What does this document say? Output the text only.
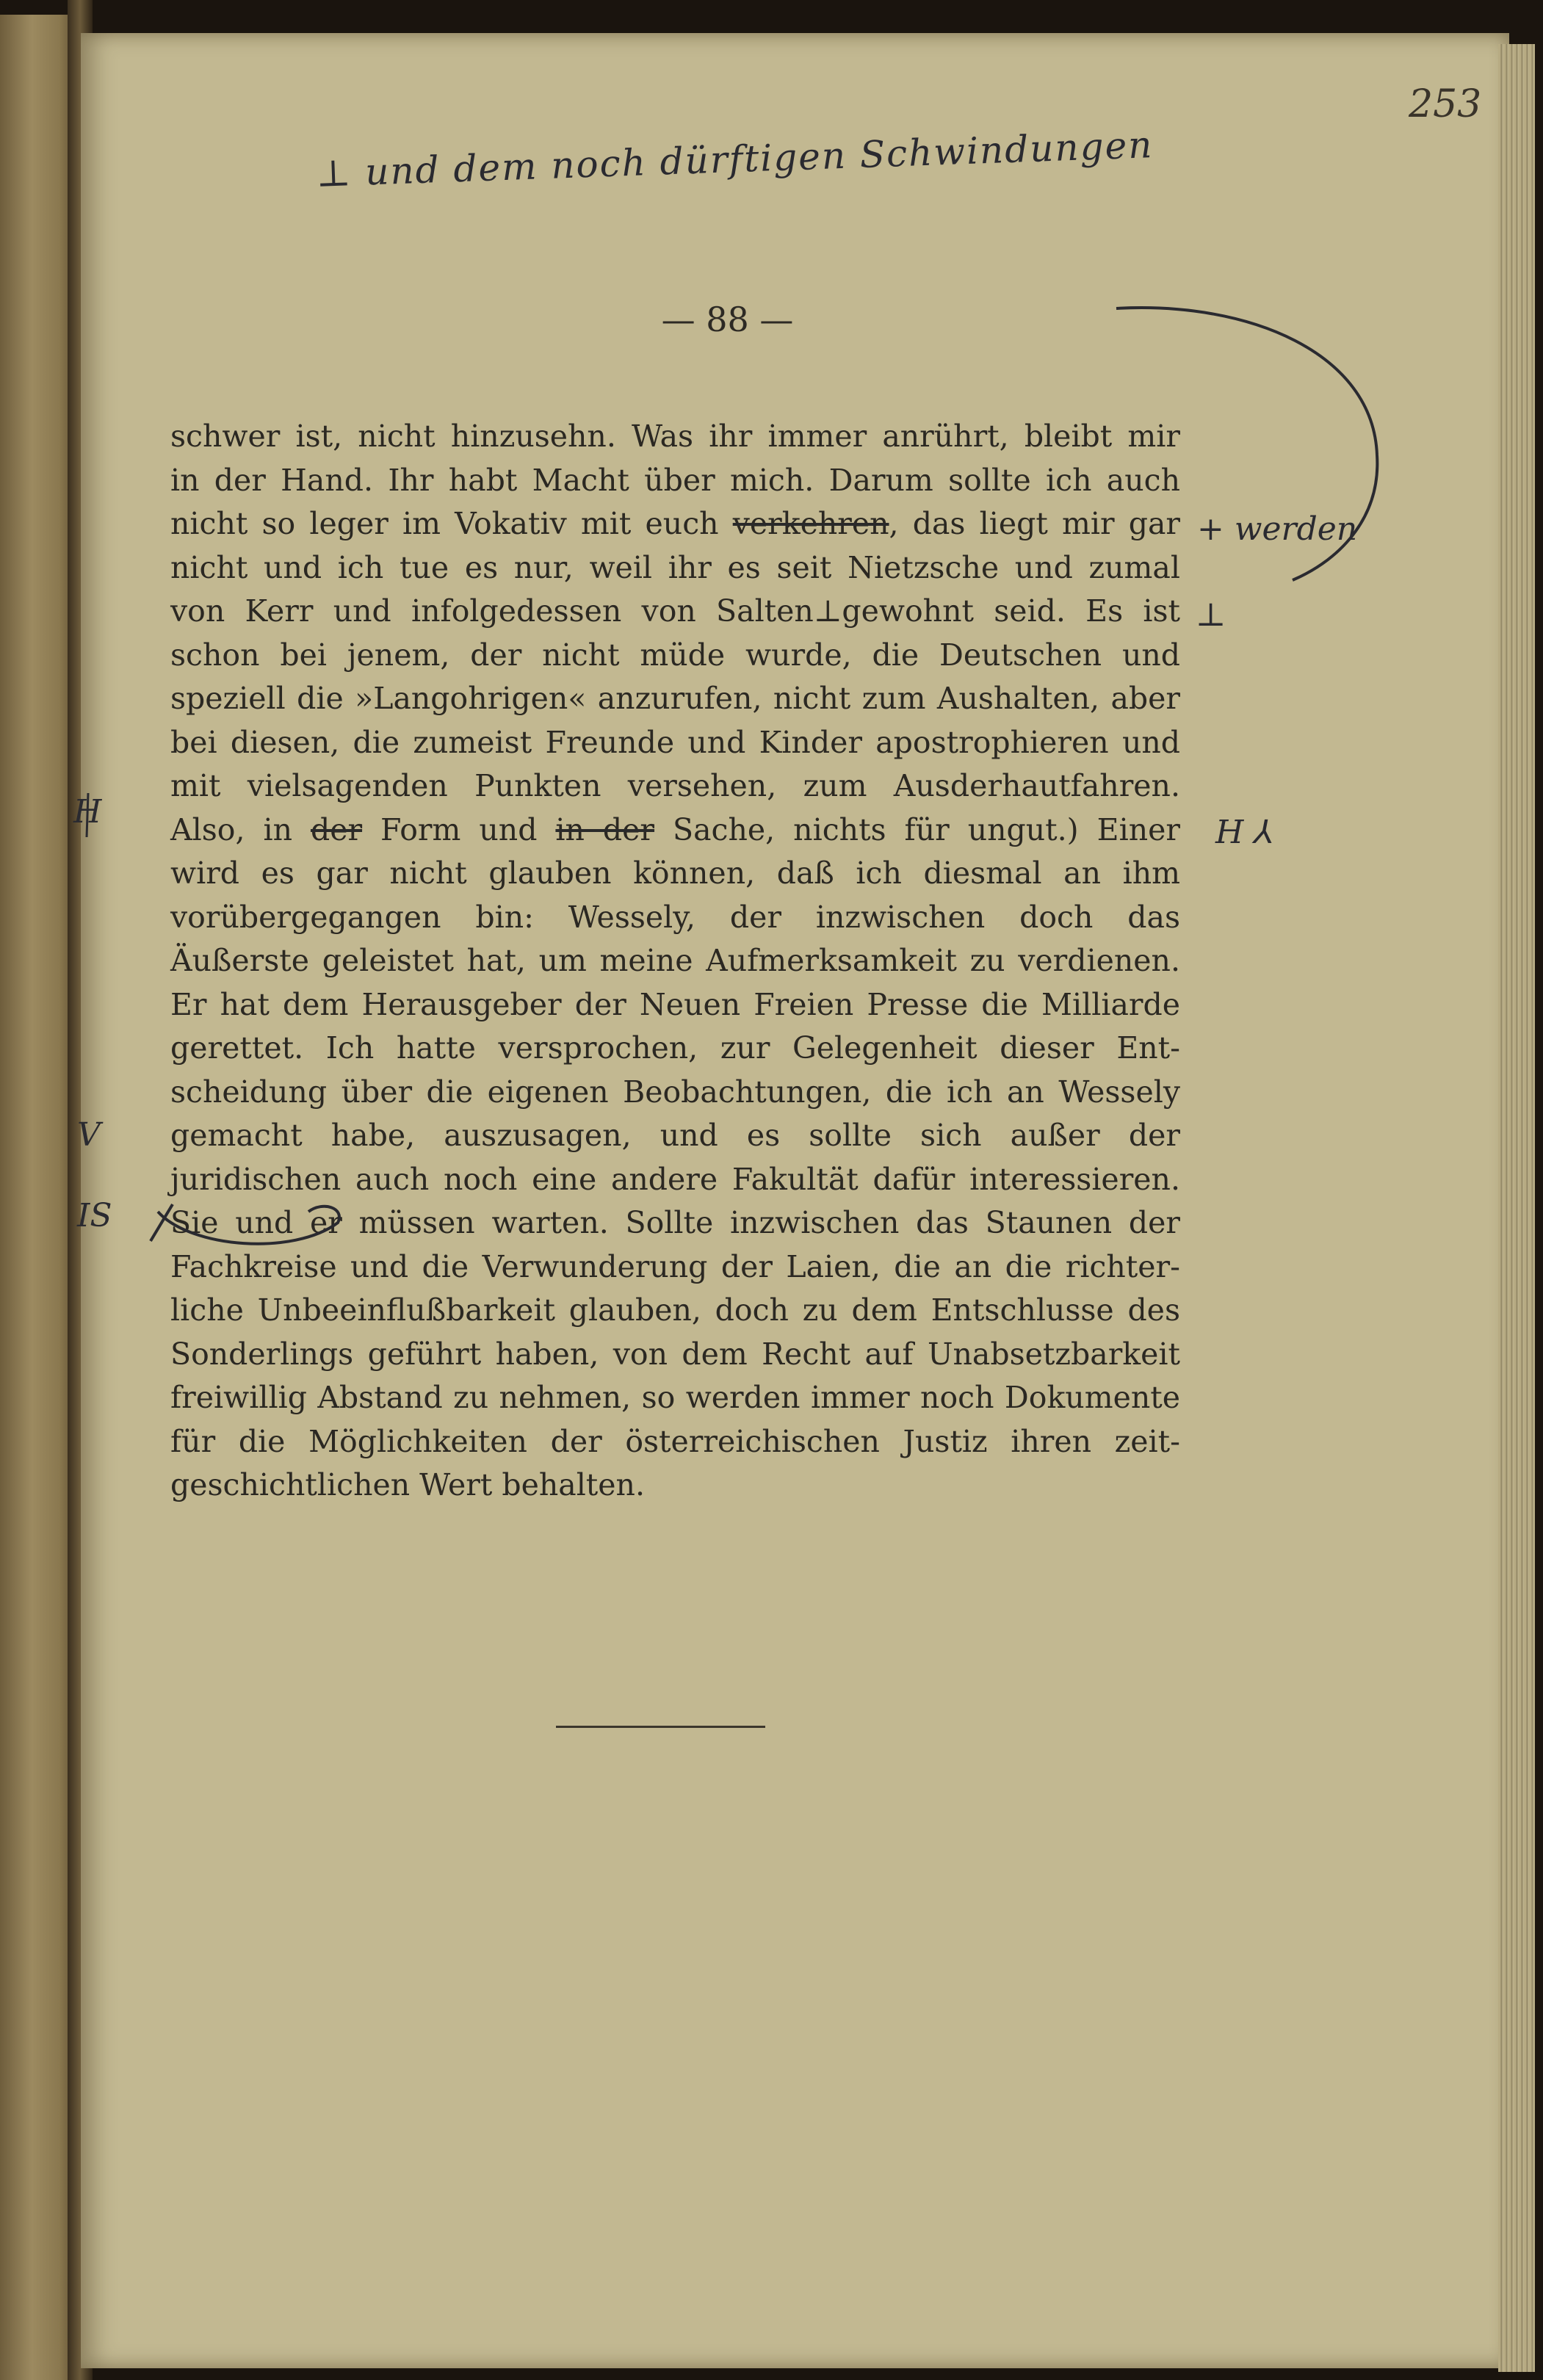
253
⊥ und dem noch dürftigen Schwindungen
— 88 —
schwer ist, nicht hinzusehn. Was ihr immer anrührt, bleibt mir
in der Hand. Ihr habt Macht über mich. Darum sollte ich auch
nicht so leger im Vokativ mit euch verkehren, das liegt mir gar
nicht und ich tue es nur, weil ihr es seit Nietzsche und zumal
von Kerr und infolgedessen von Salten⊥gewohnt seid. Es ist
schon bei jenem, der nicht müde wurde, die Deutschen und
speziell die »Langohrigen« anzurufen, nicht zum Aushalten, aber
bei diesen, die zumeist Freunde und Kinder apostrophieren und
mit vielsagenden Punkten versehen, zum Ausderhautfahren.
Also, in der Form und in der Sache, nichts für ungut.) Einer
wird es gar nicht glauben können, daß ich diesmal an ihm
vorübergegangen bin: Wessely, der inzwischen doch das
Äußerste geleistet hat, um meine Aufmerksamkeit zu verdienen.
Er hat dem Herausgeber der Neuen Freien Presse die Milliarde
gerettet. Ich hatte versprochen, zur Gelegenheit dieser Ent-
scheidung über die eigenen Beobachtungen, die ich an Wessely
gemacht habe, auszusagen, und es sollte sich außer der
juridischen auch noch eine andere Fakultät dafür interessieren.
Sie und er müssen warten. Sollte inzwischen das Staunen der
Fachkreise und die Verwunderung der Laien, die an die richter-
liche Unbeeinflußbarkeit glauben, doch zu dem Entschlusse des
Sonderlings geführt haben, von dem Recht auf Unabsetzbarkeit
freiwillig Abstand zu nehmen, so werden immer noch Dokumente
für die Möglichkeiten der österreichischen Justiz ihren zeit-
geschichtlichen Wert behalten.
+ werden
⊥
H ⅄
H
V
IS
